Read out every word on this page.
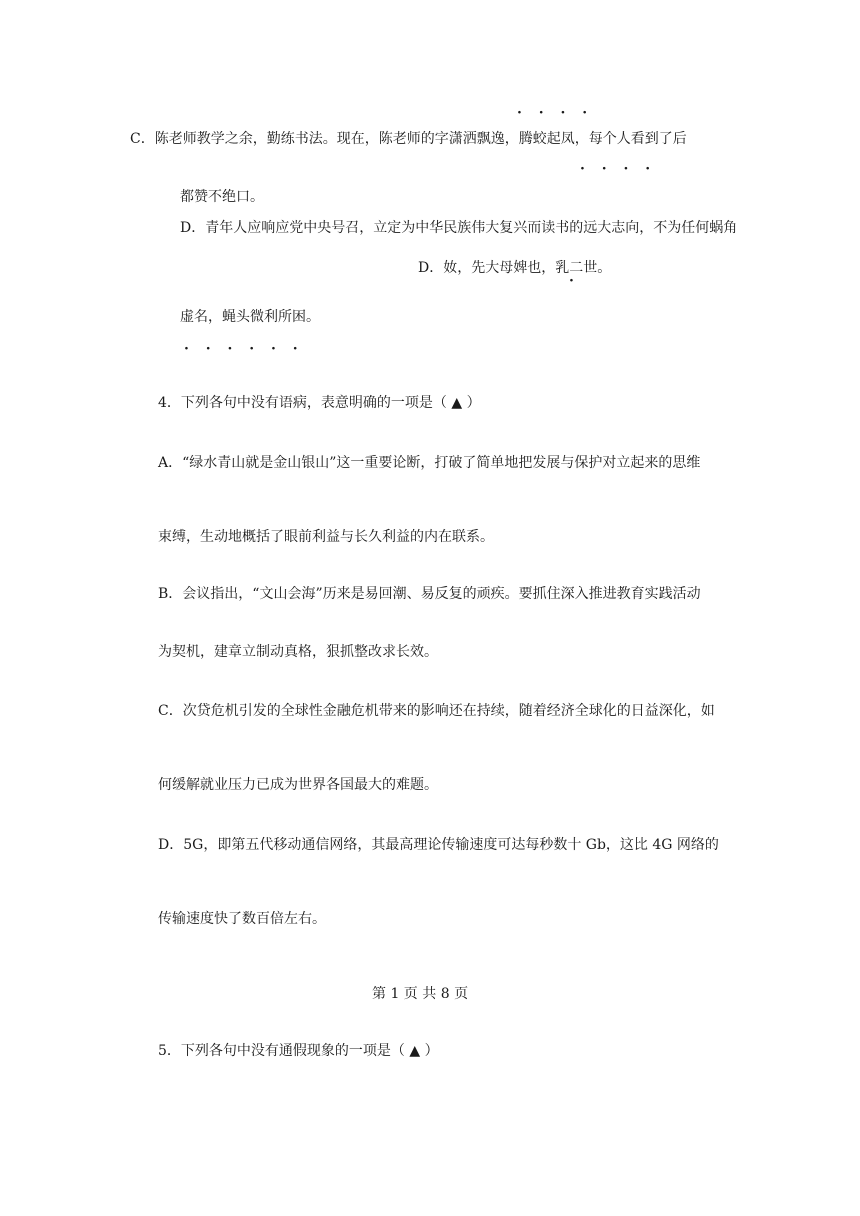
· · · ·
C．陈老师教学之余，勤练书法。现在，陈老师的字潇洒飘逸，腾蛟起凤，每个人看到了后
· · · ·
都赞不绝口。
D．青年人应响应党中央号召，立定为中华民族伟大复兴而读书的远大志向，不为任何蜗角
D．奻，先大母婢也，乳二世。
·
虚名，蝇头微利所困。
· · · · · ·
4．下列各句中没有语病，表意明确的一项是（ ▲ ）
A．“绿水青山就是金山银山”这一重要论断，打破了简单地把发展与保护对立起来的思维
束缚，生动地概括了眼前利益与长久利益的内在联系。
B．会议指出，“文山会海”历来是易回潮、易反复的顽疾。要抓住深入推进教育实践活动
为契机，建章立制动真格，狠抓整改求长效。
C．次贷危机引发的全球性金融危机带来的影响还在持续，随着经济全球化的日益深化，如
何缓解就业压力已成为世界各国最大的难题。
D．5G，即第五代移动通信网络，其最高理论传输速度可达每秒数十 Gb，这比 4G 网络的
传输速度快了数百倍左右。
第 1 页 共 8 页
5．下列各句中没有通假现象的一项是（ ▲ ）
